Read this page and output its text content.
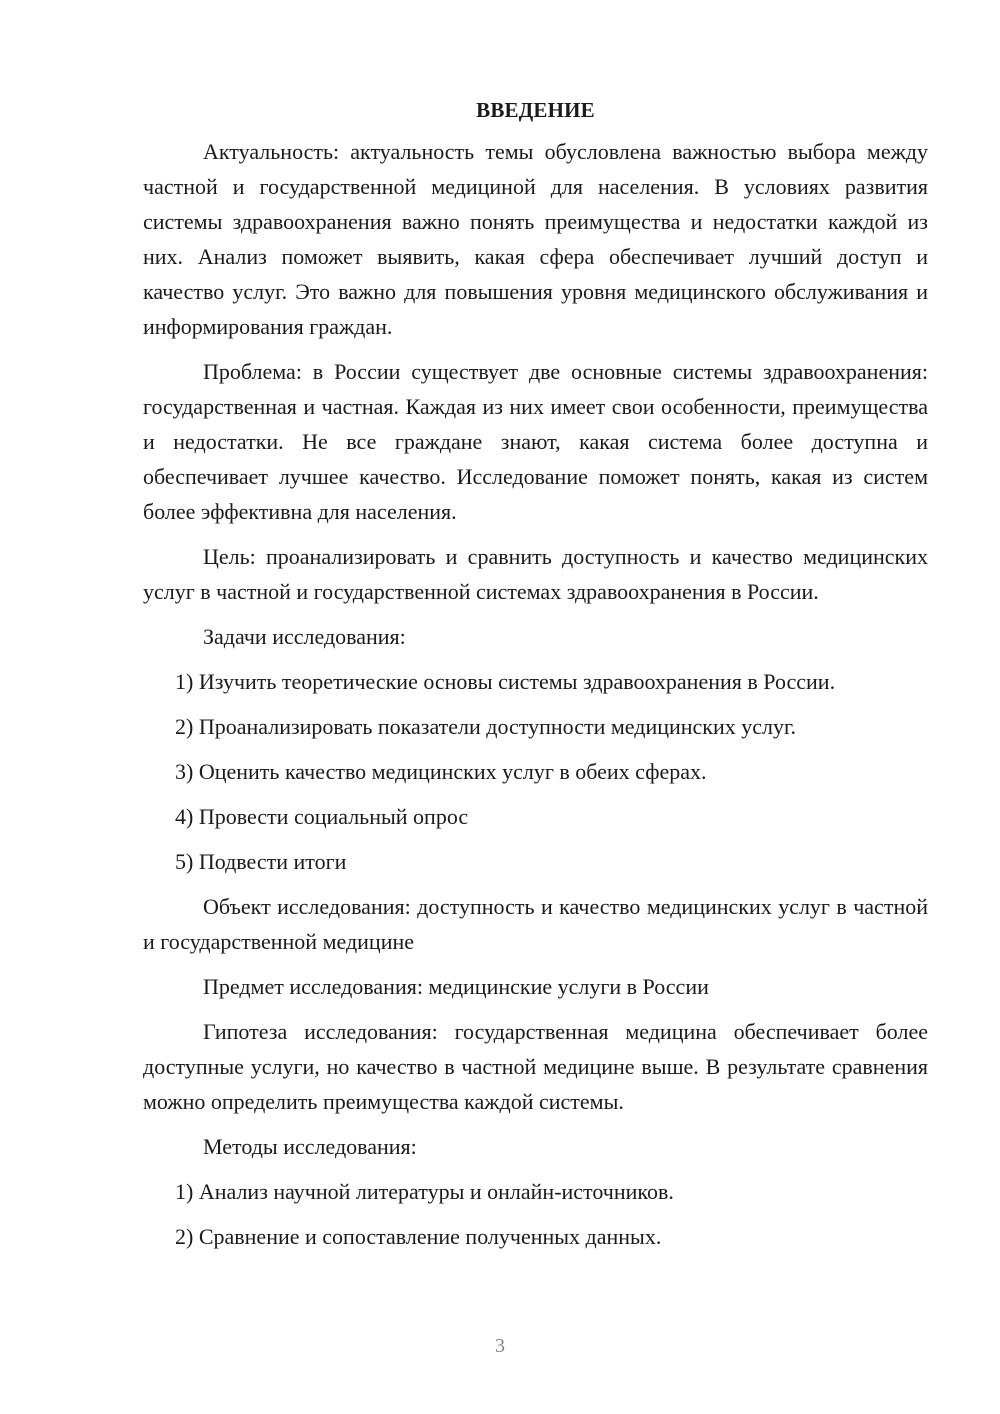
ВВЕДЕНИЕ

Актуальность: актуальность темы обусловлена важностью выбора между частной и государственной медициной для населения. В условиях развития системы здравоохранения важно понять преимущества и недостатки каждой из них. Анализ поможет выявить, какая сфера обеспечивает лучший доступ и качество услуг. Это важно для повышения уровня медицинского обслуживания и информирования граждан.

Проблема: в России существует две основные системы здравоохранения: государственная и частная. Каждая из них имеет свои особенности, преимущества и недостатки. Не все граждане знают, какая система более доступна и обеспечивает лучшее качество. Исследование поможет понять, какая из систем более эффективна для населения.

Цель: проанализировать и сравнить доступность и качество медицинских услуг в частной и государственной системах здравоохранения в России.

Задачи исследования:

1) Изучить теоретические основы системы здравоохранения в России.

2) Проанализировать показатели доступности медицинских услуг.

3) Оценить качество медицинских услуг в обеих сферах.

4) Провести социальный опрос

5) Подвести итоги

Объект исследования: доступность и качество медицинских услуг в частной и государственной медицине

Предмет исследования: медицинские услуги в России

Гипотеза исследования: государственная медицина обеспечивает более доступные услуги, но качество в частной медицине выше. В результате сравнения можно определить преимущества каждой системы.

Методы исследования:

1) Анализ научной литературы и онлайн-источников.

2) Сравнение и сопоставление полученных данных.

3
